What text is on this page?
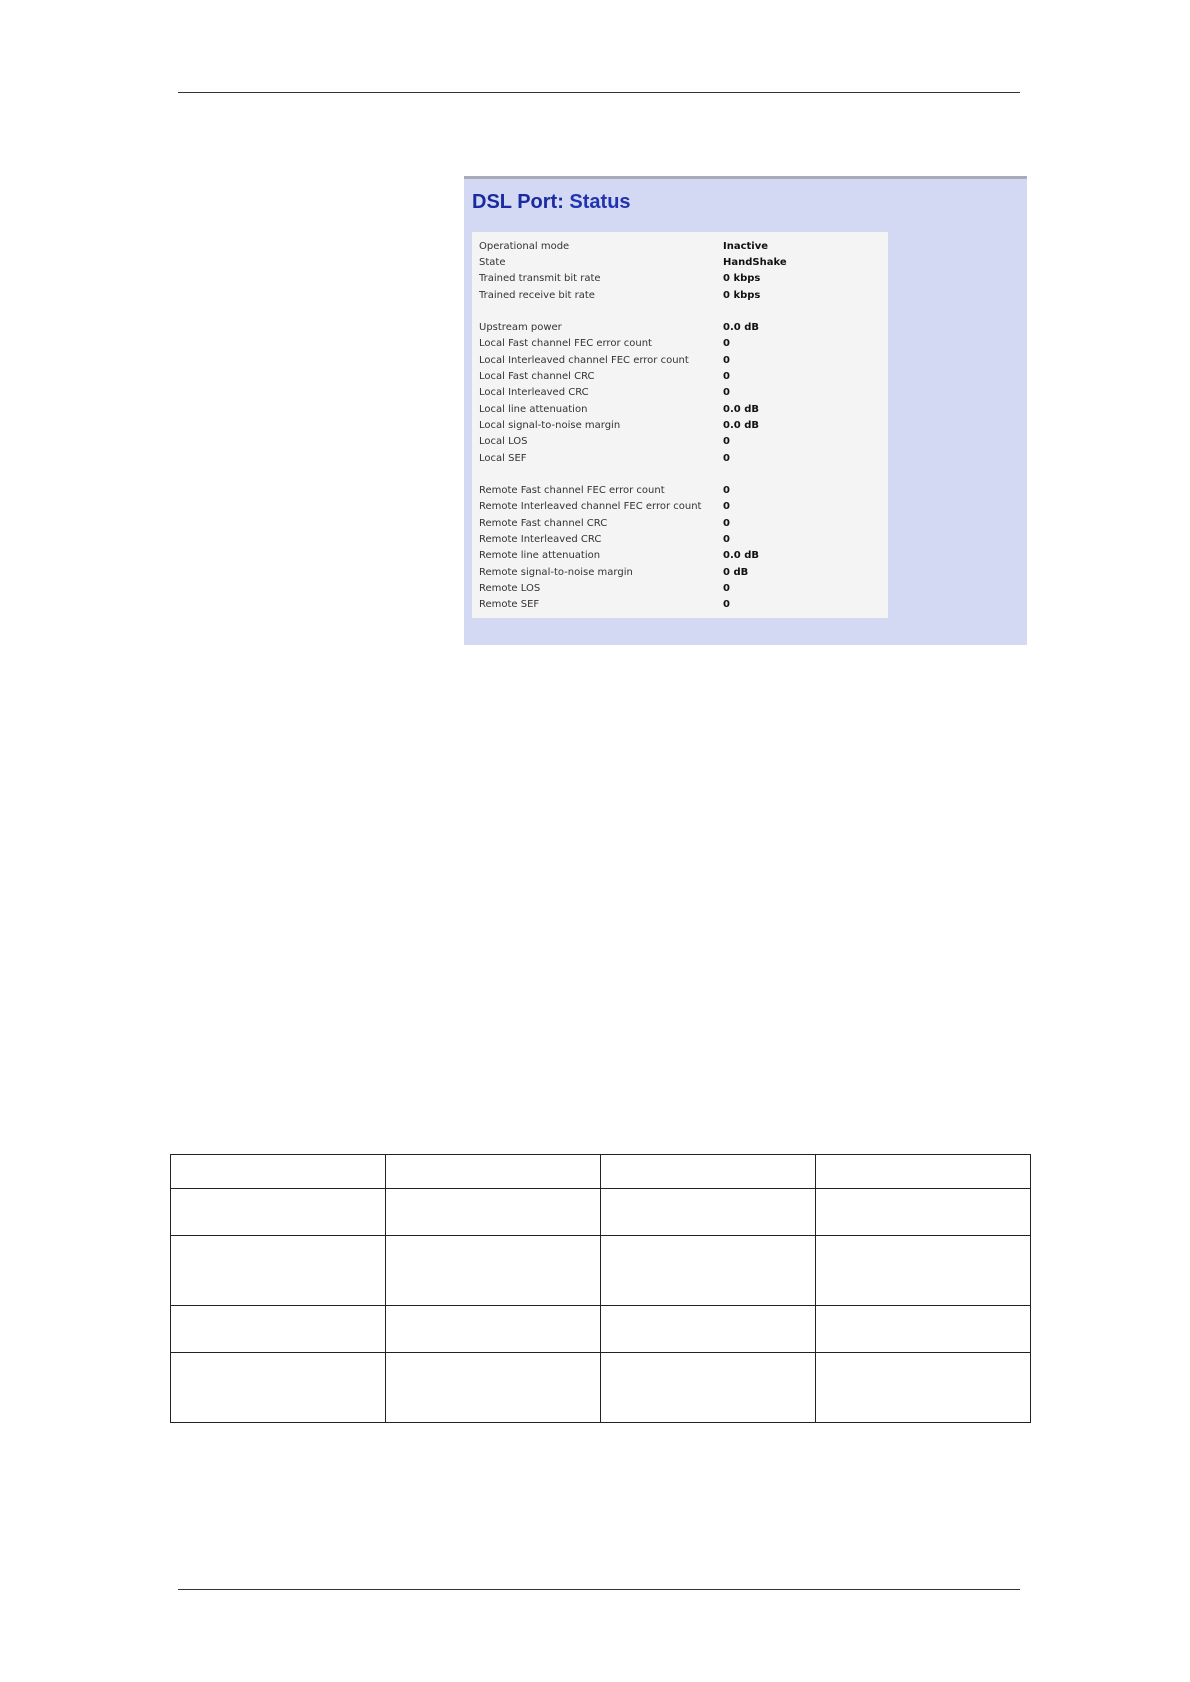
DSL Port: Status
Operational mode	Inactive
State	HandShake
Trained transmit bit rate	0 kbps
Trained receive bit rate	0 kbps
Upstream power	0.0 dB
Local Fast channel FEC error count	0
Local Interleaved channel FEC error count	0
Local Fast channel CRC	0
Local Interleaved CRC	0
Local line attenuation	0.0 dB
Local signal-to-noise margin	0.0 dB
Local LOS	0
Local SEF	0
Remote Fast channel FEC error count	0
Remote Interleaved channel FEC error count	0
Remote Fast channel CRC	0
Remote Interleaved CRC	0
Remote line attenuation	0.0 dB
Remote signal-to-noise margin	0 dB
Remote LOS	0
Remote SEF	0
